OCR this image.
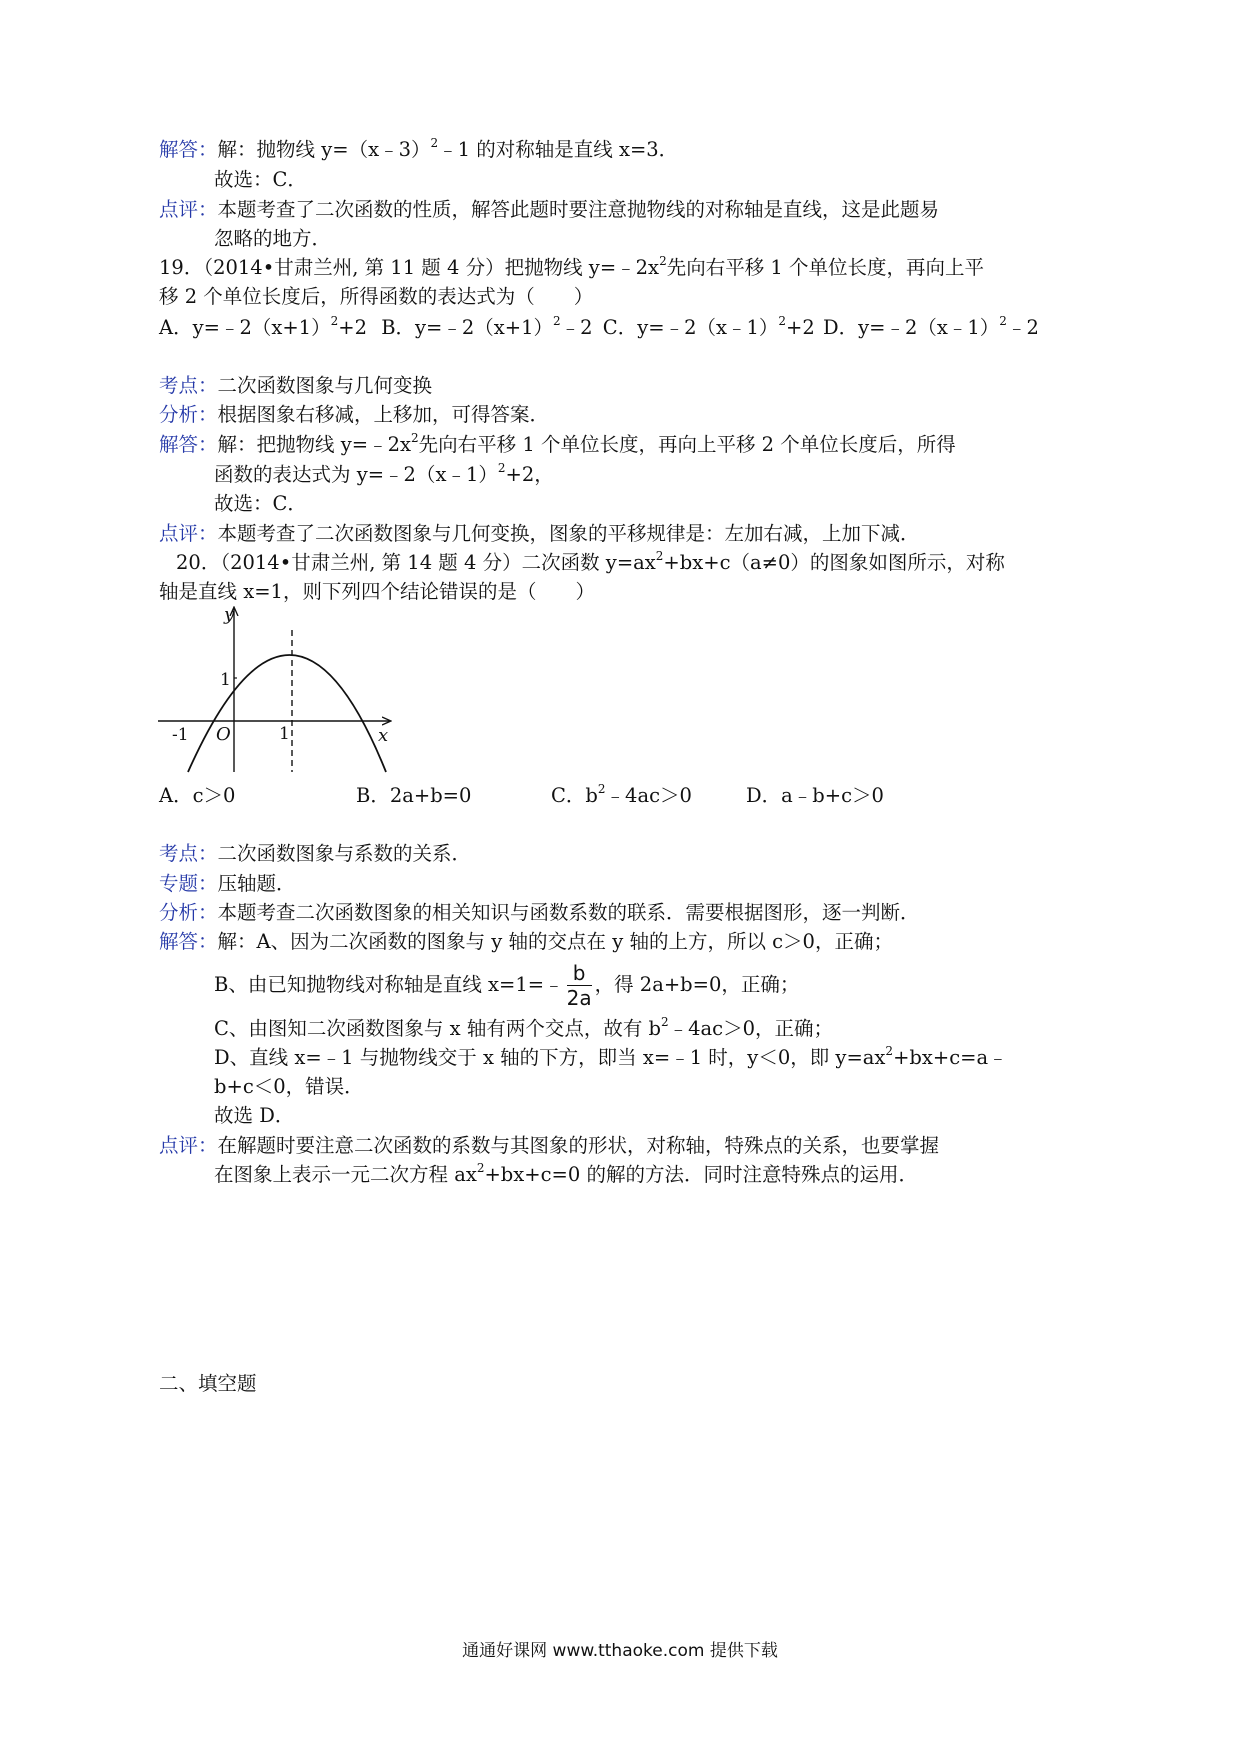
解答：解：抛物线 y=（x﹣3）$^2$﹣1 的对称轴是直线 x=3．
故选：C．
点评：本题考查了二次函数的性质，解答此题时要注意抛物线的对称轴是直线，这是此题易
忽略的地方．
19．（2014•甘肃兰州, 第 11 题 4 分）把抛物线 $y=﹣2x^2$先向右平移 1 个单位长度，再向上平
移 2 个单位长度后，所得函数的表达式为（　　）
A．$y=﹣2(x+1)^2+2$ B．$y=﹣2(x+1)^2﹣2$ C．y=﹣2（x﹣1）$^2$+2 D．y=﹣2（x﹣1）$^2$﹣2
考点：二次函数图象与几何变换
分析：根据图象右移减，上移加，可得答案．
解答：解：把抛物线 $y=﹣2x^2$先向右平移 1 个单位长度，再向上平移 2 个单位长度后，所得
函数的表达式为 y=﹣2（x﹣1）$^2$+2，
故选：C．
点评：本题考查了二次函数图象与几何变换，图象的平移规律是：左加右减，上加下减．
20．（2014•甘肃兰州, 第 14 题 4 分）二次函数 $y=ax^2+bx+c(a\ne 0)$的图象如图所示，对称
轴是直线 x=1，则下列四个结论错误的是（　　）
y
x
O
-1	1
1
A．c＞0	B．2a+b=0	C．$b^2﹣4ac>0$	D．a﹣b+c＞0
考点：二次函数图象与系数的关系．
专题：压轴题．
分析：本题考查二次函数图象的相关知识与函数系数的联系．需要根据图形，逐一判断．
解答：解：A、因为二次函数的图象与 y 轴的交点在 y 轴的上方，所以 c＞0，正确；
B、由已知抛物线对称轴是直线 x=1=﹣ $\frac{b}{2a}$ ，得 2a+b=0，正确；
C、由图知二次函数图象与 x 轴有两个交点，故有 $b^2﹣4ac>0$，正确；
D、直线 x=﹣1 与抛物线交于 x 轴的下方，即当 x=﹣1 时，y＜0，即 $y=ax^2+bx+c=a﹣$
b+c＜0，错误．
故选 D．
点评：在解题时要注意二次函数的系数与其图象的形状，对称轴，特殊点的关系，也要掌握
在图象上表示一元二次方程 $ax^2+bx+c=0$ 的解的方法．同时注意特殊点的运用．
二、填空题
通通好课网 www.tthaoke.com 提供下载
